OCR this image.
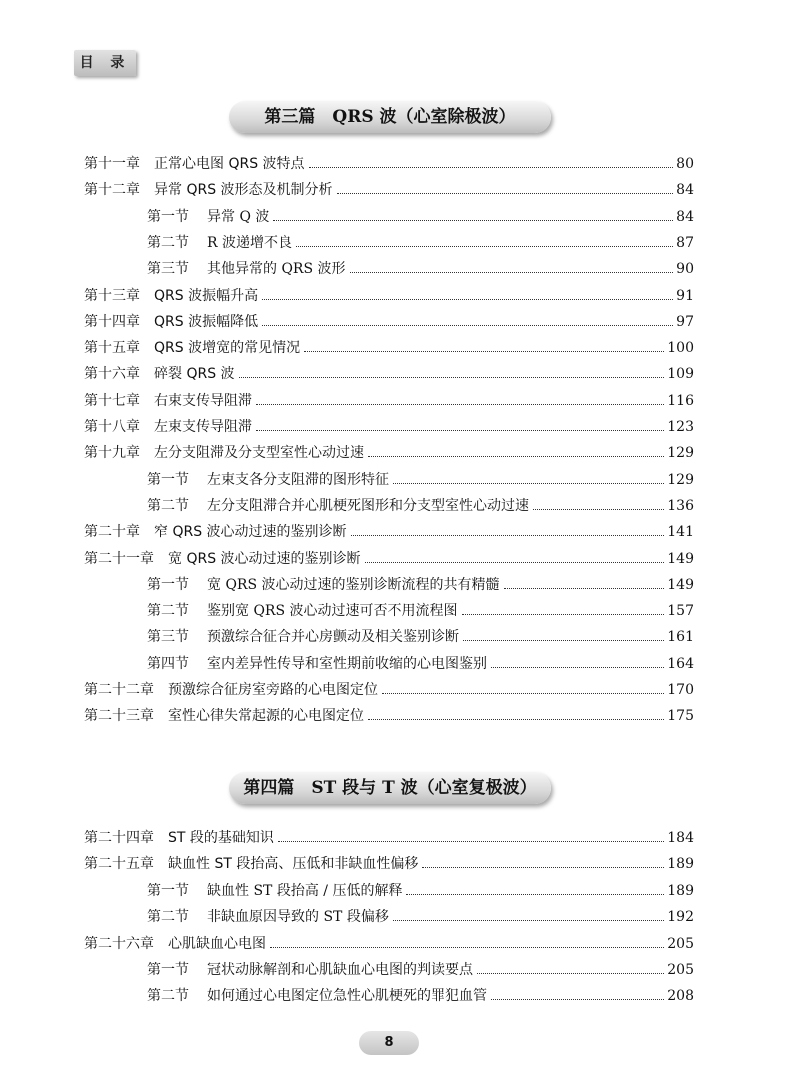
目 录
第三篇　QRS 波（心室除极波）
第十一章 正常心电图 QRS 波特点	80
第十二章 异常 QRS 波形态及机制分析	84
第一节 异常 Q 波	84
第二节 R 波递增不良	87
第三节 其他异常的 QRS 波形	90
第十三章 QRS 波振幅升高	91
第十四章 QRS 波振幅降低	97
第十五章 QRS 波增宽的常见情况	100
第十六章 碎裂 QRS 波	109
第十七章 右束支传导阻滞	116
第十八章 左束支传导阻滞	123
第十九章 左分支阻滞及分支型室性心动过速	129
第一节 左束支各分支阻滞的图形特征	129
第二节 左分支阻滞合并心肌梗死图形和分支型室性心动过速	136
第二十章 窄 QRS 波心动过速的鉴别诊断	141
第二十一章 宽 QRS 波心动过速的鉴别诊断	149
第一节 宽 QRS 波心动过速的鉴别诊断流程的共有精髓	149
第二节 鉴别宽 QRS 波心动过速可否不用流程图	157
第三节 预激综合征合并心房颤动及相关鉴别诊断	161
第四节 室内差异性传导和室性期前收缩的心电图鉴别	164
第二十二章 预激综合征房室旁路的心电图定位	170
第二十三章 室性心律失常起源的心电图定位	175
第四篇　ST 段与 T 波（心室复极波）
第二十四章 ST 段的基础知识	184
第二十五章 缺血性 ST 段抬高、压低和非缺血性偏移	189
第一节 缺血性 ST 段抬高 / 压低的解释	189
第二节 非缺血原因导致的 ST 段偏移	192
第二十六章 心肌缺血心电图	205
第一节 冠状动脉解剖和心肌缺血心电图的判读要点	205
第二节 如何通过心电图定位急性心肌梗死的罪犯血管	208
8
